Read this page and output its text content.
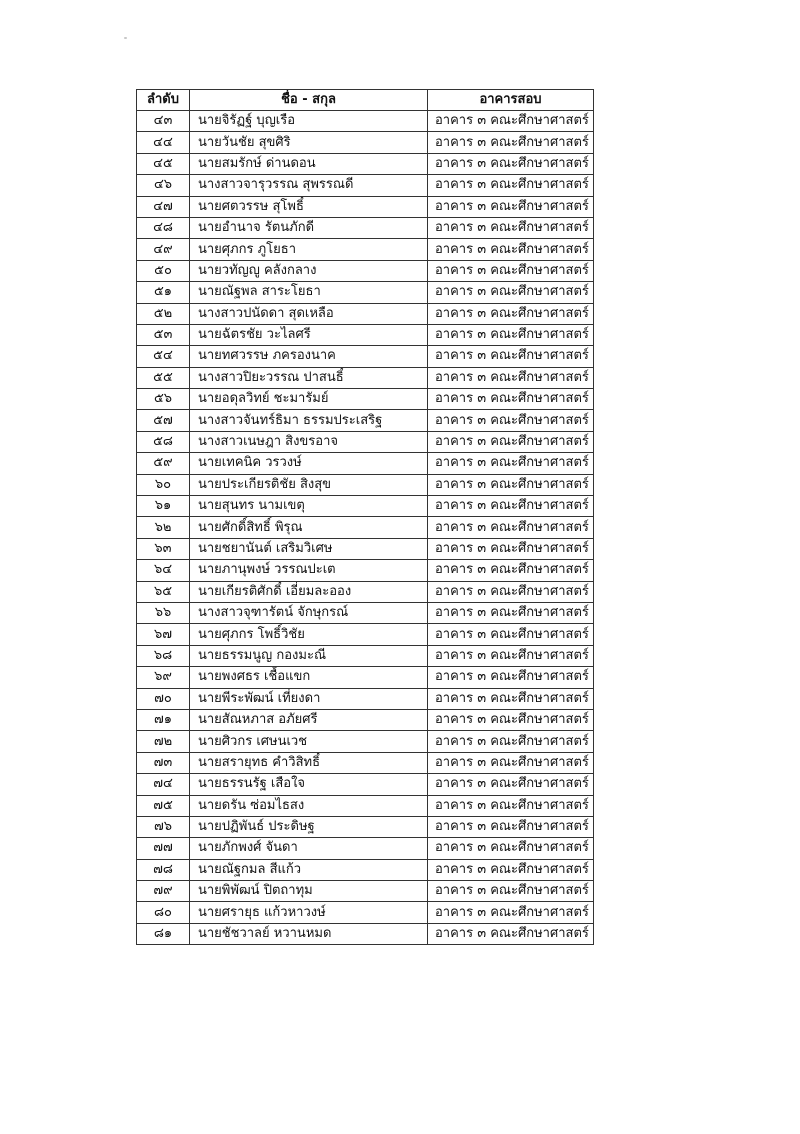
ลำดับ	ชื่อ - สกุล	อาคารสอบ
๔๓	นายจิรัฏฐ์ บุญเรือ	อาคาร ๓ คณะศึกษาศาสตร์
๔๔	นายวันชัย สุขศิริ	อาคาร ๓ คณะศึกษาศาสตร์
๔๕	นายสมรักษ์ ด่านดอน	อาคาร ๓ คณะศึกษาศาสตร์
๔๖	นางสาวจารุวรรณ สุพรรณดี	อาคาร ๓ คณะศึกษาศาสตร์
๔๗	นายศตวรรษ สุโพธิ์	อาคาร ๓ คณะศึกษาศาสตร์
๔๘	นายอำนาจ รัตนภักดี	อาคาร ๓ คณะศึกษาศาสตร์
๔๙	นายศุภกร ภูโยธา	อาคาร ๓ คณะศึกษาศาสตร์
๕๐	นายวทัญญู คลังกลาง	อาคาร ๓ คณะศึกษาศาสตร์
๕๑	นายณัฐพล สาระโยธา	อาคาร ๓ คณะศึกษาศาสตร์
๕๒	นางสาวปนัดดา สุดเหลือ	อาคาร ๓ คณะศึกษาศาสตร์
๕๓	นายฉัตรชัย วะไลศรี	อาคาร ๓ คณะศึกษาศาสตร์
๕๔	นายทศวรรษ ภครองนาค	อาคาร ๓ คณะศึกษาศาสตร์
๕๕	นางสาวปิยะวรรณ ปาสนธิ์	อาคาร ๓ คณะศึกษาศาสตร์
๕๖	นายอดุลวิทย์ ชะมารัมย์	อาคาร ๓ คณะศึกษาศาสตร์
๕๗	นางสาวจันทร์ธิมา ธรรมประเสริฐ	อาคาร ๓ คณะศึกษาศาสตร์
๕๘	นางสาวเนษฎา สิงขรอาจ	อาคาร ๓ คณะศึกษาศาสตร์
๕๙	นายเทคนิค วรวงษ์	อาคาร ๓ คณะศึกษาศาสตร์
๖๐	นายประเกียรติชัย สิงสุข	อาคาร ๓ คณะศึกษาศาสตร์
๖๑	นายสุนทร นามเขตุ	อาคาร ๓ คณะศึกษาศาสตร์
๖๒	นายศักดิ์สิทธิ์ พิรุณ	อาคาร ๓ คณะศึกษาศาสตร์
๖๓	นายชยานันต์ เสริมวิเศษ	อาคาร ๓ คณะศึกษาศาสตร์
๖๔	นายภานุพงษ์ วรรณปะเต	อาคาร ๓ คณะศึกษาศาสตร์
๖๕	นายเกียรติศักดิ์ เอี่ยมละออง	อาคาร ๓ คณะศึกษาศาสตร์
๖๖	นางสาวจุฑารัตน์ จักษุกรณ์	อาคาร ๓ คณะศึกษาศาสตร์
๖๗	นายศุภกร โพธิ์วิชัย	อาคาร ๓ คณะศึกษาศาสตร์
๖๘	นายธรรมนูญ กองมะณี	อาคาร ๓ คณะศึกษาศาสตร์
๖๙	นายพงศธร เชื้อแขก	อาคาร ๓ คณะศึกษาศาสตร์
๗๐	นายพีระพัฒน์ เที่ยงดา	อาคาร ๓ คณะศึกษาศาสตร์
๗๑	นายสัณหภาส อภัยศรี	อาคาร ๓ คณะศึกษาศาสตร์
๗๒	นายศิวกร เศษนเวช	อาคาร ๓ คณะศึกษาศาสตร์
๗๓	นายสรายุทธ คำวิสิทธิ์	อาคาร ๓ คณะศึกษาศาสตร์
๗๔	นายธรรนรัฐ เสือใจ	อาคาร ๓ คณะศึกษาศาสตร์
๗๕	นายดรัน ซ่อมไธสง	อาคาร ๓ คณะศึกษาศาสตร์
๗๖	นายปฏิพันธ์ ประดิษฐ	อาคาร ๓ คณะศึกษาศาสตร์
๗๗	นายภักพงศ์ จันดา	อาคาร ๓ คณะศึกษาศาสตร์
๗๘	นายณัฐกมล สีแก้ว	อาคาร ๓ คณะศึกษาศาสตร์
๗๙	นายพิพัฒน์ ปิตถาทุม	อาคาร ๓ คณะศึกษาศาสตร์
๘๐	นายศรายุธ แก้วหาวงษ์	อาคาร ๓ คณะศึกษาศาสตร์
๘๑	นายชัชวาลย์ หวานหมด	อาคาร ๓ คณะศึกษาศาสตร์
